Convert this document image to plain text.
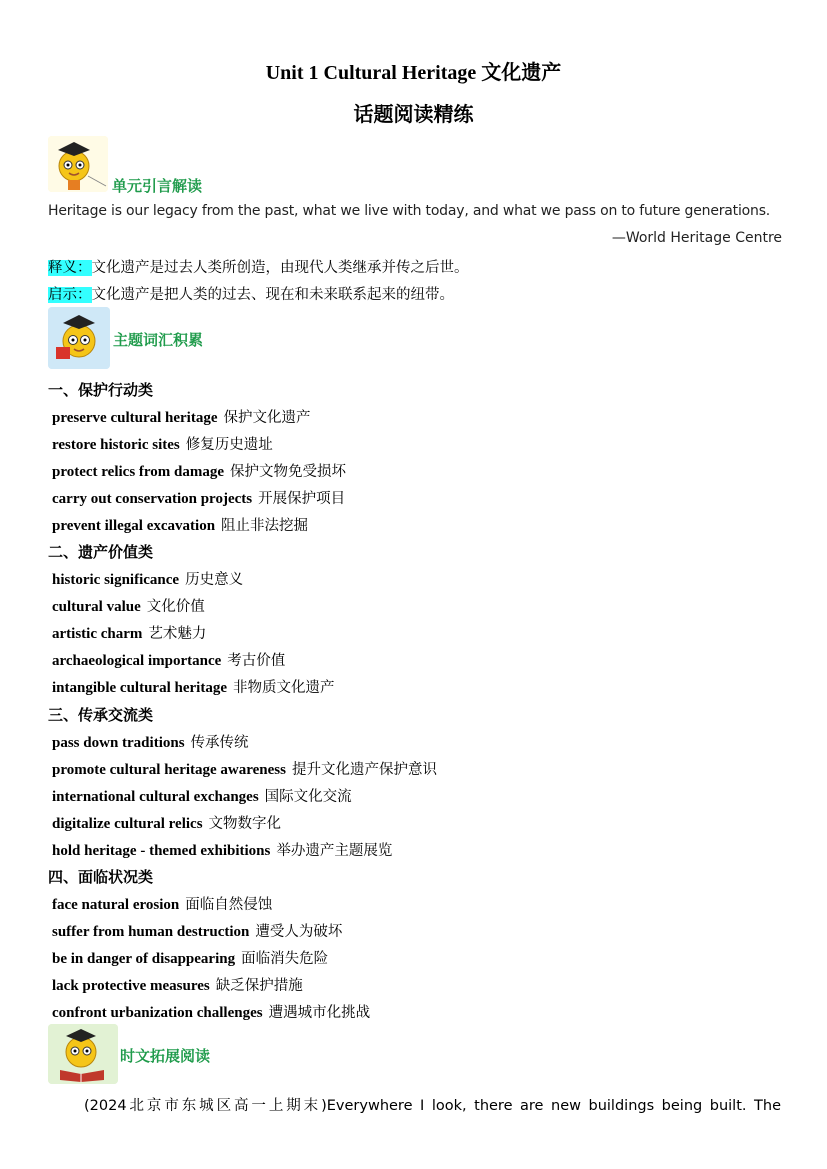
Unit 1 Cultural Heritage 文化遗产
话题阅读精练
单元引言解读
Heritage is our legacy from the past, what we live with today, and what we pass on to future generations.
—World Heritage Centre
释义：文化遗产是过去人类所创造，由现代人类继承并传之后世。
启示：文化遗产是把人类的过去、现在和未来联系起来的纽带。
主题词汇积累
一、保护行动类
preserve cultural heritage 保护文化遗产
restore historic sites 修复历史遗址
protect relics from damage 保护文物免受损坏
carry out conservation projects 开展保护项目
prevent illegal excavation 阻止非法挖掘
二、遗产价值类
historic significance 历史意义
cultural value 文化价值
artistic charm 艺术魅力
archaeological importance 考古价值
intangible cultural heritage 非物质文化遗产
三、传承交流类
pass down traditions 传承传统
promote cultural heritage awareness 提升文化遗产保护意识
international cultural exchanges 国际文化交流
digitalize cultural relics 文物数字化
hold heritage - themed exhibitions 举办遗产主题展览
四、面临状况类
face natural erosion 面临自然侵蚀
suffer from human destruction 遭受人为破坏
be in danger of disappearing 面临消失危险
lack protective measures 缺乏保护措施
confront urbanization challenges 遭遇城市化挑战
时文拓展阅读
(2024北京市东城区高一上期末)Everywhere I look, there are new buildings being built. The
